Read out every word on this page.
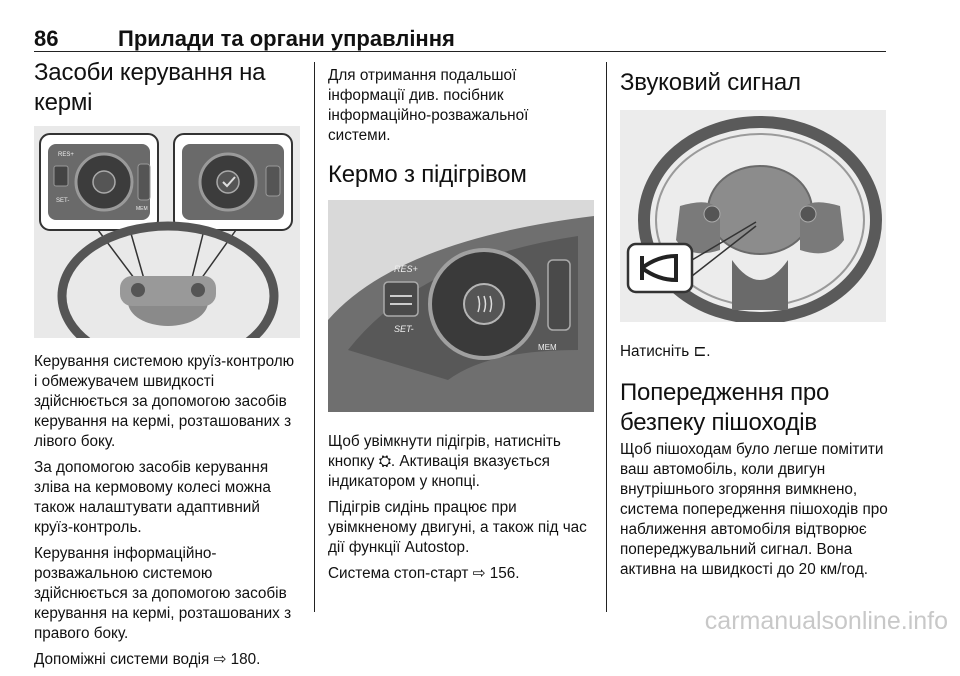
86	Прилади та органи управління
Засоби керування на кермі
RES+
SET-
MEM

Керування системою круїз-контролю і обмежувачем швидкості здійснюється за допомогою засобів керування на кермі, розташованих з лівого боку.

За допомогою засобів керування зліва на кермовому колесі можна також налаштувати адаптивний круїз-контроль.

Керування інформаційно-розважальною системою здійснюється за допомогою засобів керування на кермі, розташованих з правого боку.

Допоміжні системи водія ⇨ 180.

Для отримання подальшої інформації див. посібник інформаційно-розважальної системи.

Кермо з підігрівом
RES+
SET-
MEM

Щоб увімкнути підігрів, натисніть кнопку ⛭. Активація вказується індикатором у кнопці.

Підігрів сидінь працює при увімкненому двигуні, а також під час дії функції Autostop.

Система стоп-старт ⇨ 156.

Звуковий сигнал

Натисніть ⊏.

Попередження про безпеку пішоходів

Щоб пішоходам було легше помітити ваш автомобіль, коли двигун внутрішнього згоряння вимкнено, система попередження пішоходів про наближення автомобіля відтворює попереджувальний сигнал. Вона активна на швидкості до 20 км/год.

carmanualsonline.info
